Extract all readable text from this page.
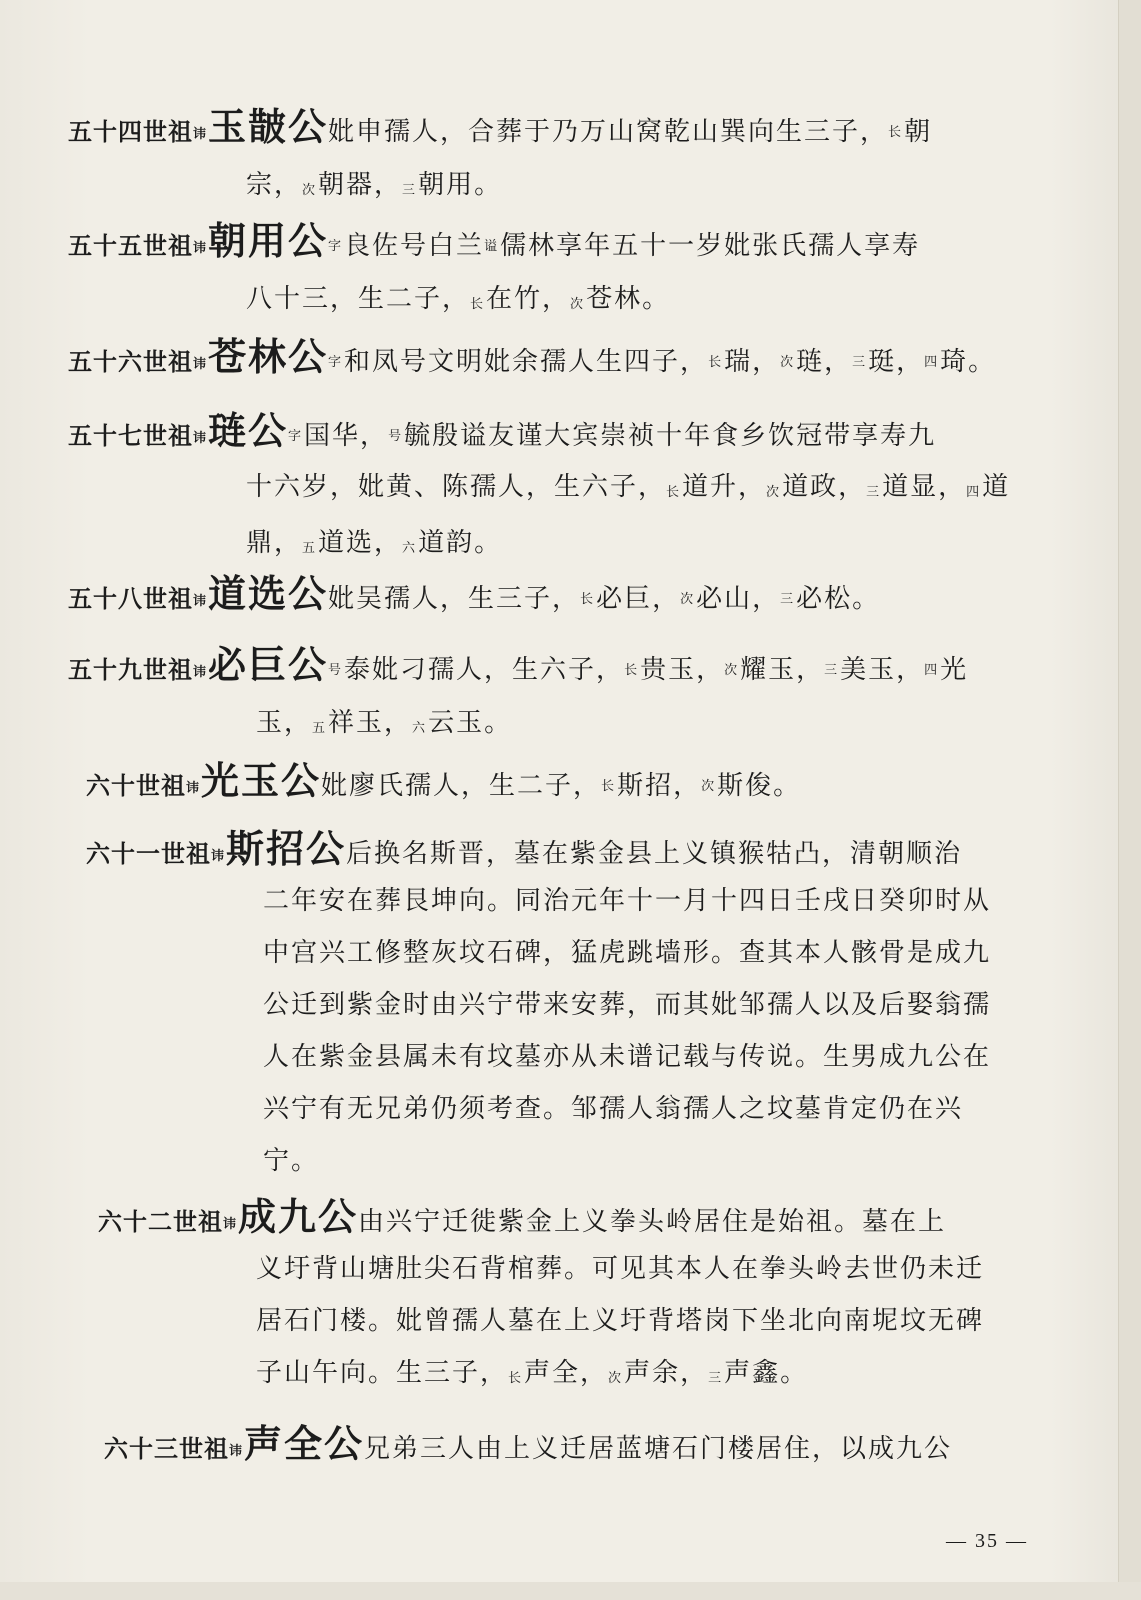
五十四世祖$^讳$玉皵公妣申孺人，合葬于乃万山窝乾山巽向生三子，$^长$朝
宗，$^次$朝器，$^三$朝用。
五十五世祖$^讳$朝用公$^字$良佐号白兰$^谥$儒林享年五十一岁妣张氏孺人享寿
八十三，生二子，$^长$在竹，$^次$苍林。
五十六世祖$^讳$苍林公$^字$和凤号文明妣余孺人生四子，$^长$瑞，$^次$琏，$^三$珽，$^四$琦。
五十七世祖$^讳$琏公$^字$国华，$^号$毓殷谥友谨大宾崇祯十年食乡饮冠带享寿九
十六岁，妣黄、陈孺人，生六子，$^长$道升，$^次$道政，$^三$道显，$^四$道
鼎，$^五$道选，$^六$道韵。
五十八世祖$^讳$道选公妣吴孺人，生三子，$^长$必巨，$^次$必山，$^三$必松。
五十九世祖$^讳$必巨公$^号$泰妣刁孺人，生六子，$^长$贵玉，$^次$耀玉，$^三$美玉，$^四$光
玉，$^五$祥玉，$^六$云玉。
六十世祖$^讳$光玉公妣廖氏孺人，生二子，$^长$斯招，$^次$斯俊。
六十一世祖$^讳$斯招公后换名斯晋，墓在紫金县上义镇猴牯凸，清朝顺治
二年安在葬艮坤向。同治元年十一月十四日壬戌日癸卯时从
中宫兴工修整灰坟石碑，猛虎跳墙形。查其本人骸骨是成九
公迁到紫金时由兴宁带来安葬，而其妣邹孺人以及后娶翁孺
人在紫金县属未有坟墓亦从未谱记载与传说。生男成九公在
兴宁有无兄弟仍须考查。邹孺人翁孺人之坟墓肯定仍在兴
宁。
六十二世祖$^讳$成九公由兴宁迁徙紫金上义拳头岭居住是始祖。墓在上
义圩背山塘肚尖石背棺葬。可见其本人在拳头岭去世仍未迁
居石门楼。妣曾孺人墓在上义圩背塔岗下坐北向南坭坟无碑
子山午向。生三子，$^长$声全，$^次$声余，$^三$声鑫。
六十三世祖$^讳$声全公兄弟三人由上义迁居蓝塘石门楼居住，以成九公
— 35 —
